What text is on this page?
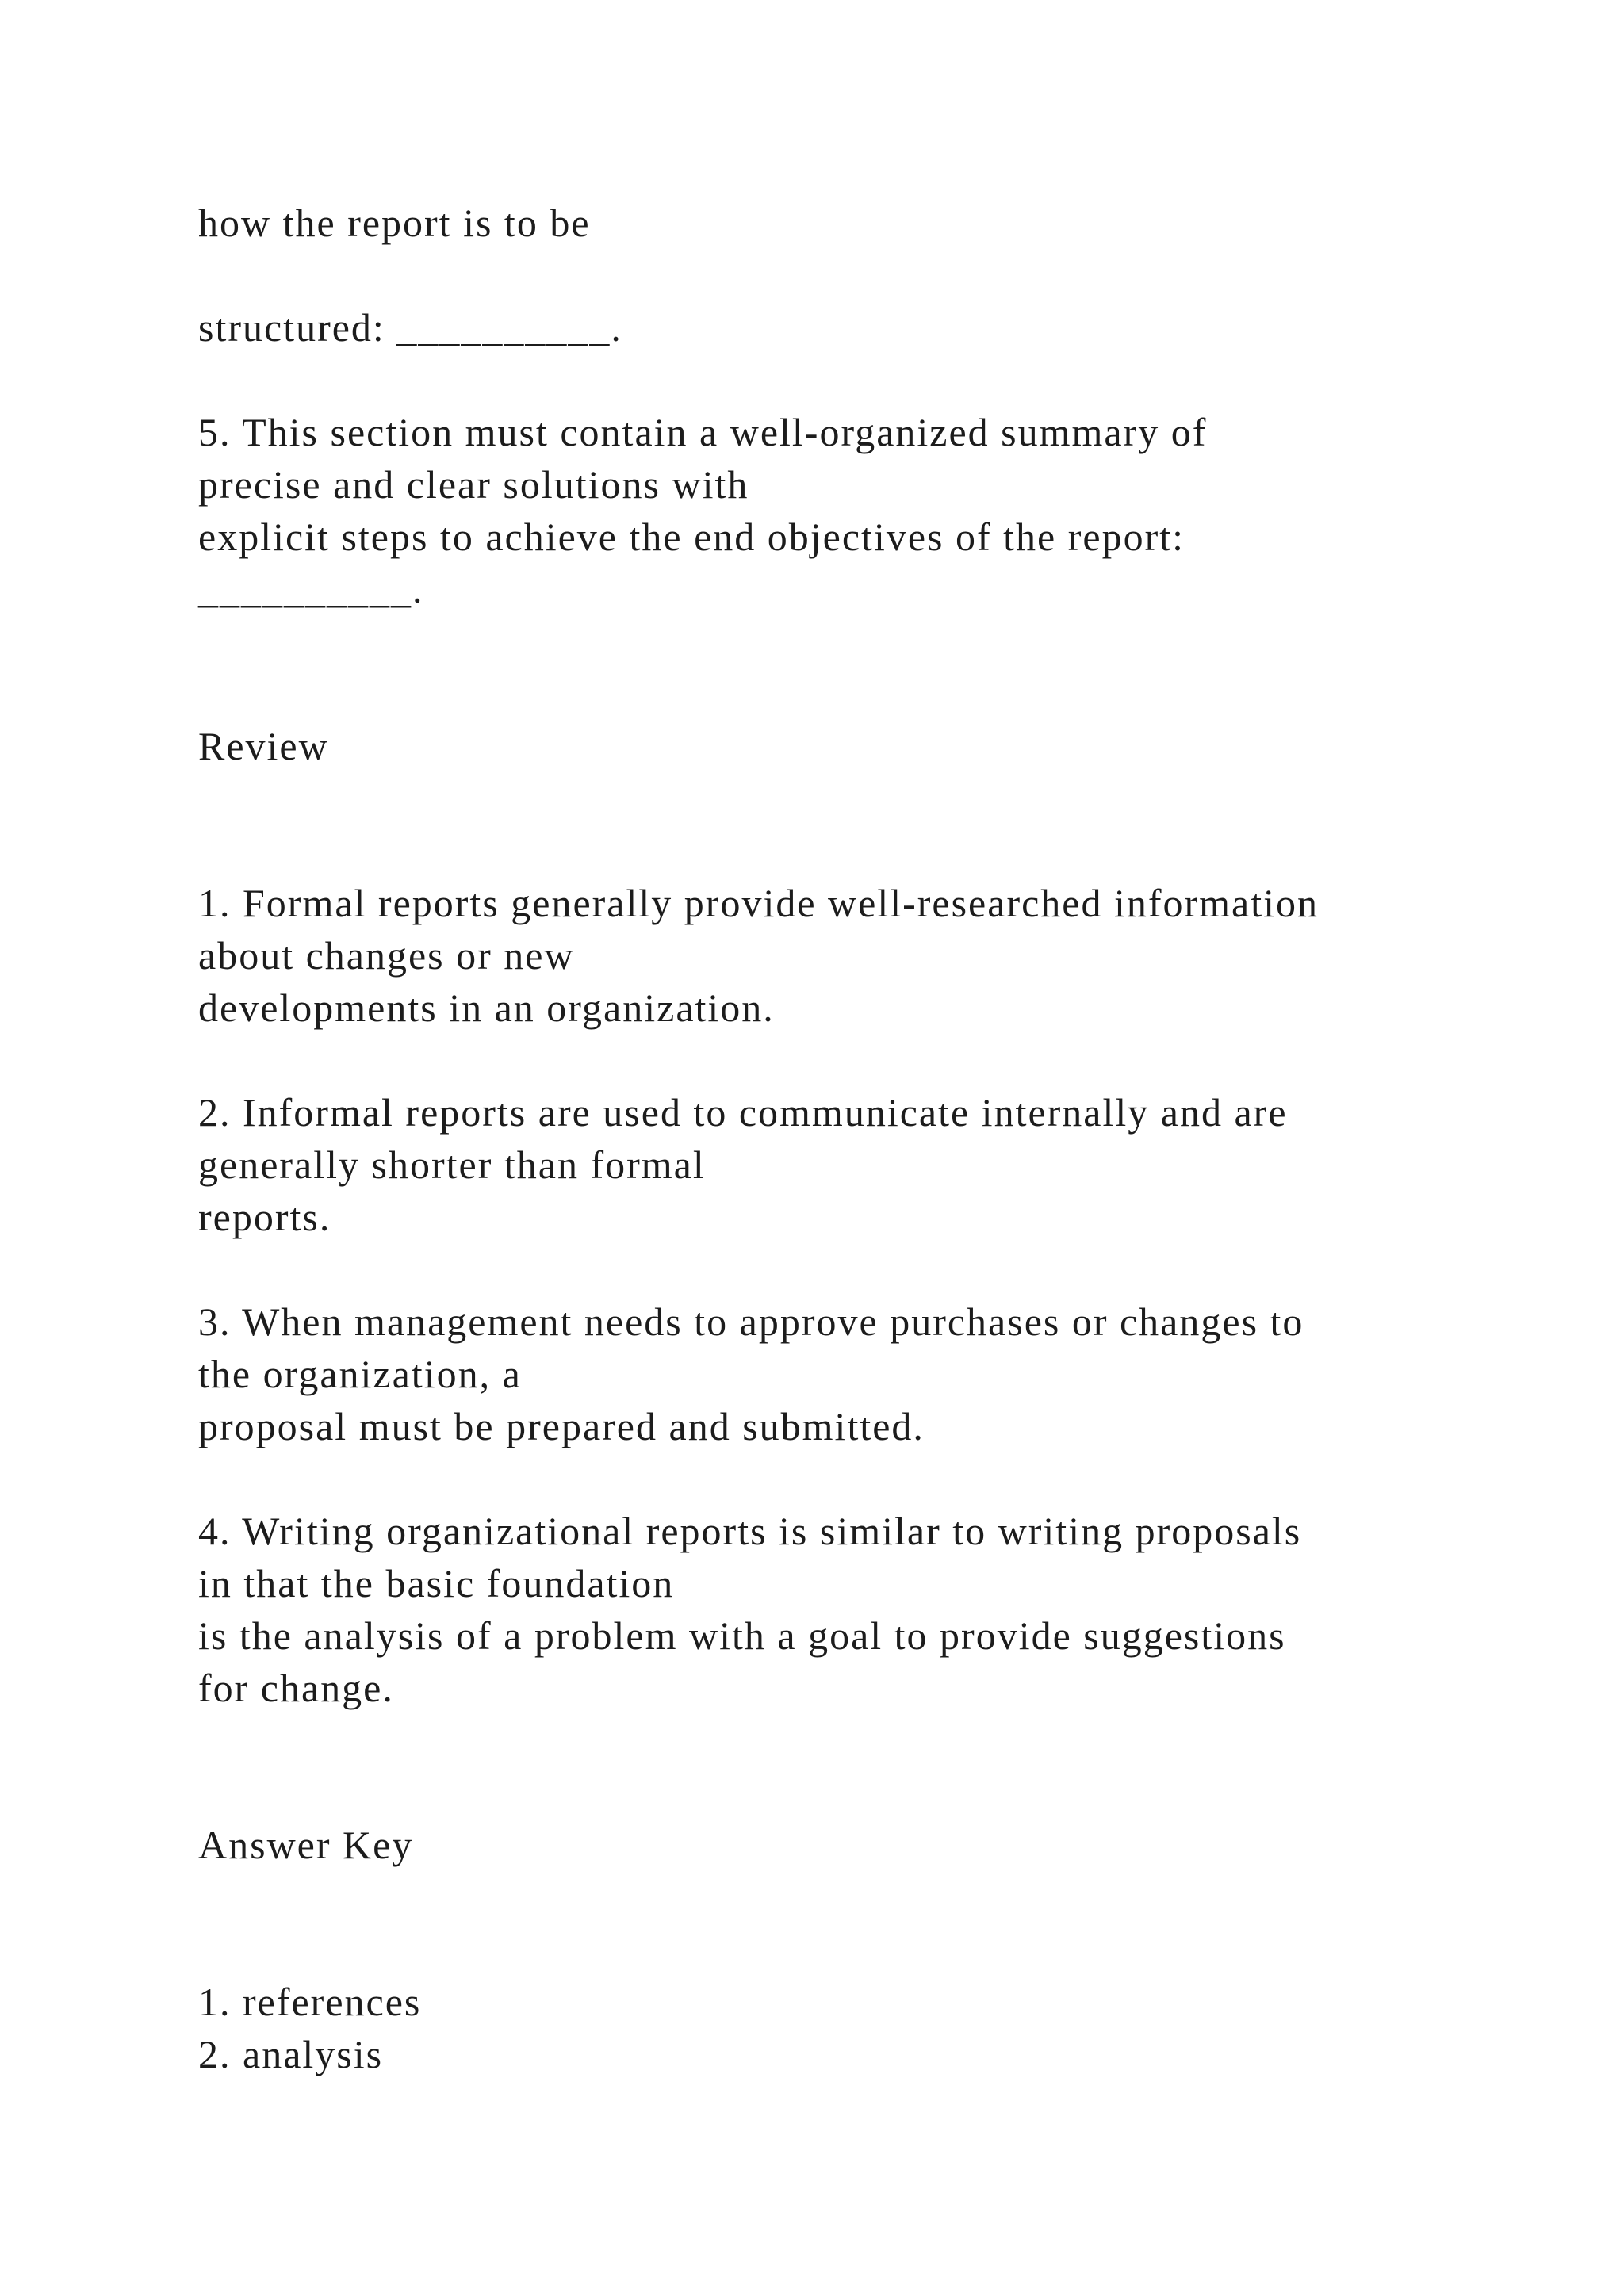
how the report is to be

structured: __________.

5. This section must contain a well-organized summary of

precise and clear solutions with

explicit steps to achieve the end objectives of the report:

__________.

Review

1. Formal reports generally provide well-researched information

about changes or new

developments in an organization.

2. Informal reports are used to communicate internally and are

generally shorter than formal

reports.

3. When management needs to approve purchases or changes to

the organization, a

proposal must be prepared and submitted.

4. Writing organizational reports is similar to writing proposals

in that the basic foundation

is the analysis of a problem with a goal to provide suggestions

for change.

Answer Key

1. references

2. analysis
